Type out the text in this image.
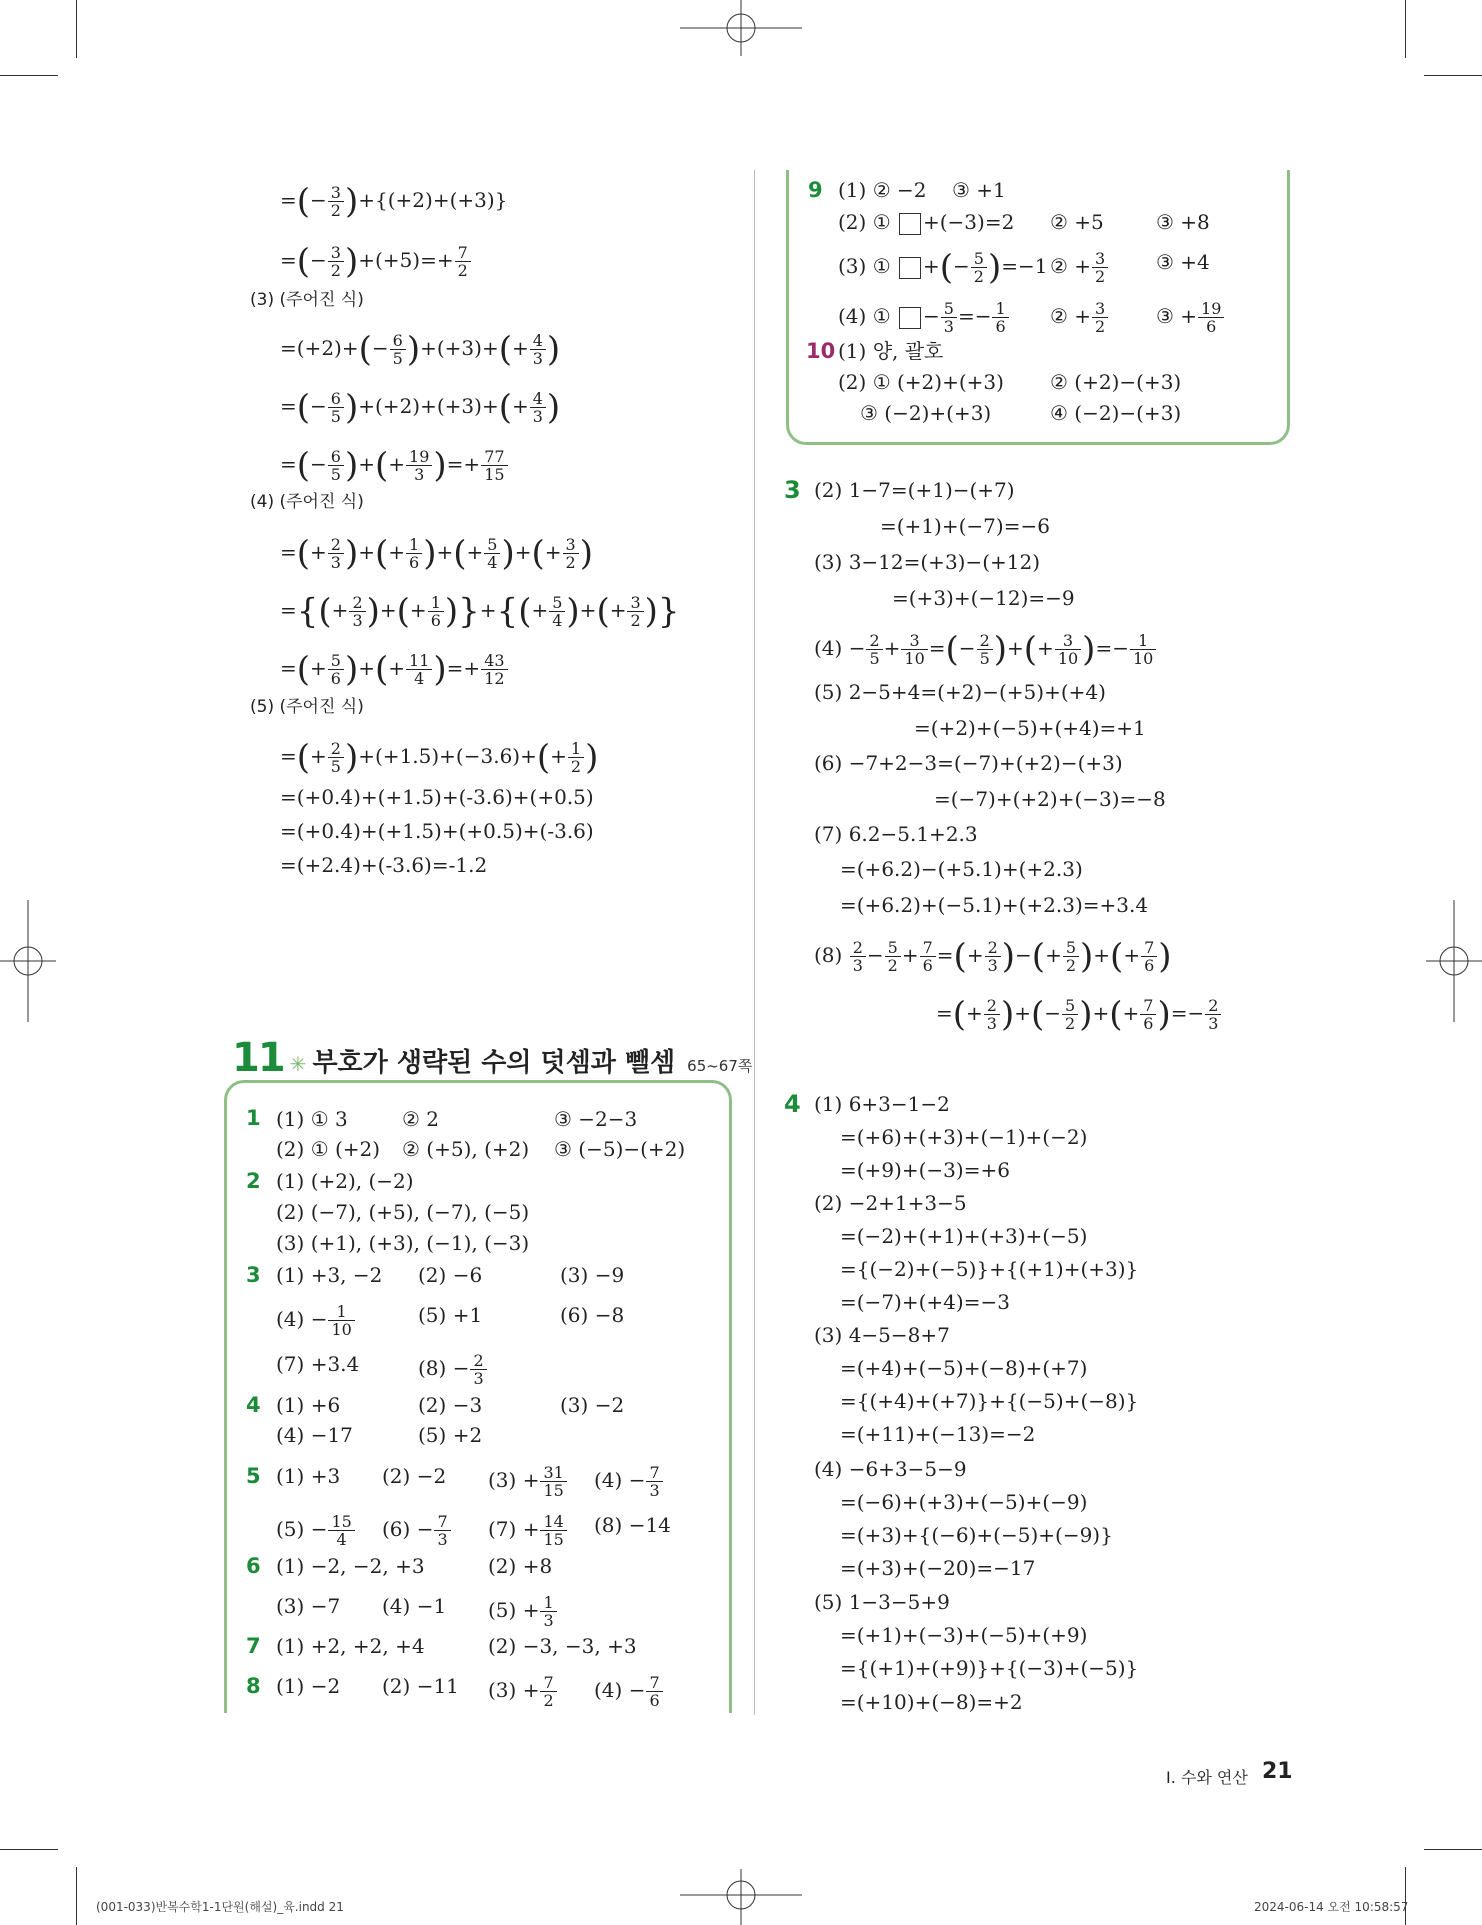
=(− $\frac{3}{2} )+\{(+2)+(+3)\}$
=(− $\frac{3}{2} )+(+5)=+ \frac{7}{2}$
(3) (주어진 식)
$=(+2)+(- \frac{6}{5} )+(+3)+(+ \frac{4}{3}$ )
=(− $\frac{6}{5} )+(+2)+(+3)+(+ \frac{4}{3}$ )
=(− $\frac{6}{5}$ )+(+ $\frac{19}{3}$ )=+ $\frac{77}{15}$
(4) (주어진 식)
=(+ $\frac{2}{3}$ )+(+ $\frac{1}{6}$ )+(+ $\frac{5}{4}$ )+(+ $\frac{3}{2}$ )
={(+ $\frac{2}{3}$ )+(+ $\frac{1}{6}$ )}+{(+ $\frac{5}{4}$ )+(+ $\frac{3}{2}$ )}
=(+ $\frac{5}{6}$ )+(+ $\frac{11}{4}$ )=+ $\frac{43}{12}$
(5) (주어진 식)
=(+ $\frac{2}{5} )+(+1.5)+(-3.6)+(+ \frac{1}{2}$ )
=(+0.4)+(+1.5)+(-3.6)+(+0.5)
=(+0.4)+(+1.5)+(+0.5)+(-3.6)
=(+2.4)+(-3.6)=-1.2
11 ✳ 부호가 생략된 수의 덧셈과 뺄셈 65~67쪽
1 (1) ① 3	② 2	③ −2−3
(2) ① (+2) ② (+5), (+2) ③ (−5)−(+2)
2 (1) (+2), (−2)
(2) (−7), (+5), (−7), (−5)
(3) (+1), (+3), (−1), (−3)
3 (1) +3, −2 (2) −6	(3) −9
$(4) - \frac{1}{10}$	(5) +1	(6) −8
(7) +3.4	$(8) - \frac{2}{3}$
4 (1) +6	(2) −3	(3) −2
(4) −17	(5) +2
5 (1) +3 (2) −2 $(3) + \frac{31}{15} (4) - \frac{7}{3}$
$(5) - \frac{15}{4} (6) - \frac{7}{3} (7) + \frac{14}{15} (8) -14$
6 (1) −2, −2, +3	(2) +8
(3) −7 (4) −1 $(5) + \frac{1}{3}$
7 (1) +2, +2, +4	(2) −3, −3, +3
8 (1) −2 (2) −11 $(3) + \frac{7}{2} (4) - \frac{7}{6}$
9 (1) ② −2 ③ +1
(2) ① +(−3)=2 ② +5	③ +8
(3) ① +(− $\frac{5}{2} )=-1$ ② + $\frac{3}{2}$ ③ +4
(4) ① − $\frac{5}{3} =- \frac{1}{6}$ ② + $\frac{3}{2}$ ③ + $\frac{19}{6}$
10 (1) 양, 괄호
(2) ① (+2)+(+3) ② (+2)−(+3)
③ (−2)+(+3)	④ (−2)−(+3)
3 (2) 1−7=(+1)−(+7)
=(+1)+(−7)=−6
(3) 3−12=(+3)−(+12)
=(+3)+(−12)=−9
$(4) - \frac{2}{5} + \frac{3}{10}$ =(− $\frac{2}{5}$ )+(+ $\frac{3}{10}$ )=− $\frac{1}{10}$
(5) 2−5+4=(+2)−(+5)+(+4)
=(+2)+(−5)+(+4)=+1
(6) −7+2−3=(−7)+(+2)−(+3)
=(−7)+(+2)+(−3)=−8
(7) 6.2−5.1+2.3
=(+6.2)−(+5.1)+(+2.3)
=(+6.2)+(−5.1)+(+2.3)=+3.4
$(8) \frac{2}{3} - \frac{5}{2} + \frac{7}{6}$ =(+ $\frac{2}{3}$ )−(+ $\frac{5}{2}$ )+(+ $\frac{7}{6}$ )
=(+ $\frac{2}{3}$ )+(− $\frac{5}{2}$ )+(+ $\frac{7}{6}$ )=− $\frac{2}{3}$
4 (1) 6+3−1−2
=(+6)+(+3)+(−1)+(−2)
=(+9)+(−3)=+6
(2) −2+1+3−5
=(−2)+(+1)+(+3)+(−5)
={(−2)+(−5)}+{(+1)+(+3)}
=(−7)+(+4)=−3
(3) 4−5−8+7
=(+4)+(−5)+(−8)+(+7)
={(+4)+(+7)}+{(−5)+(−8)}
=(+11)+(−13)=−2
(4) −6+3−5−9
=(−6)+(+3)+(−5)+(−9)
=(+3)+{(−6)+(−5)+(−9)}
=(+3)+(−20)=−17
(5) 1−3−5+9
=(+1)+(−3)+(−5)+(+9)
={(+1)+(+9)}+{(−3)+(−5)}
=(+10)+(−8)=+2
I. 수와 연산 21
(001-033)반복수학1-1단원(해설)_육.indd 21	2024-06-14 오전 10:58:57
